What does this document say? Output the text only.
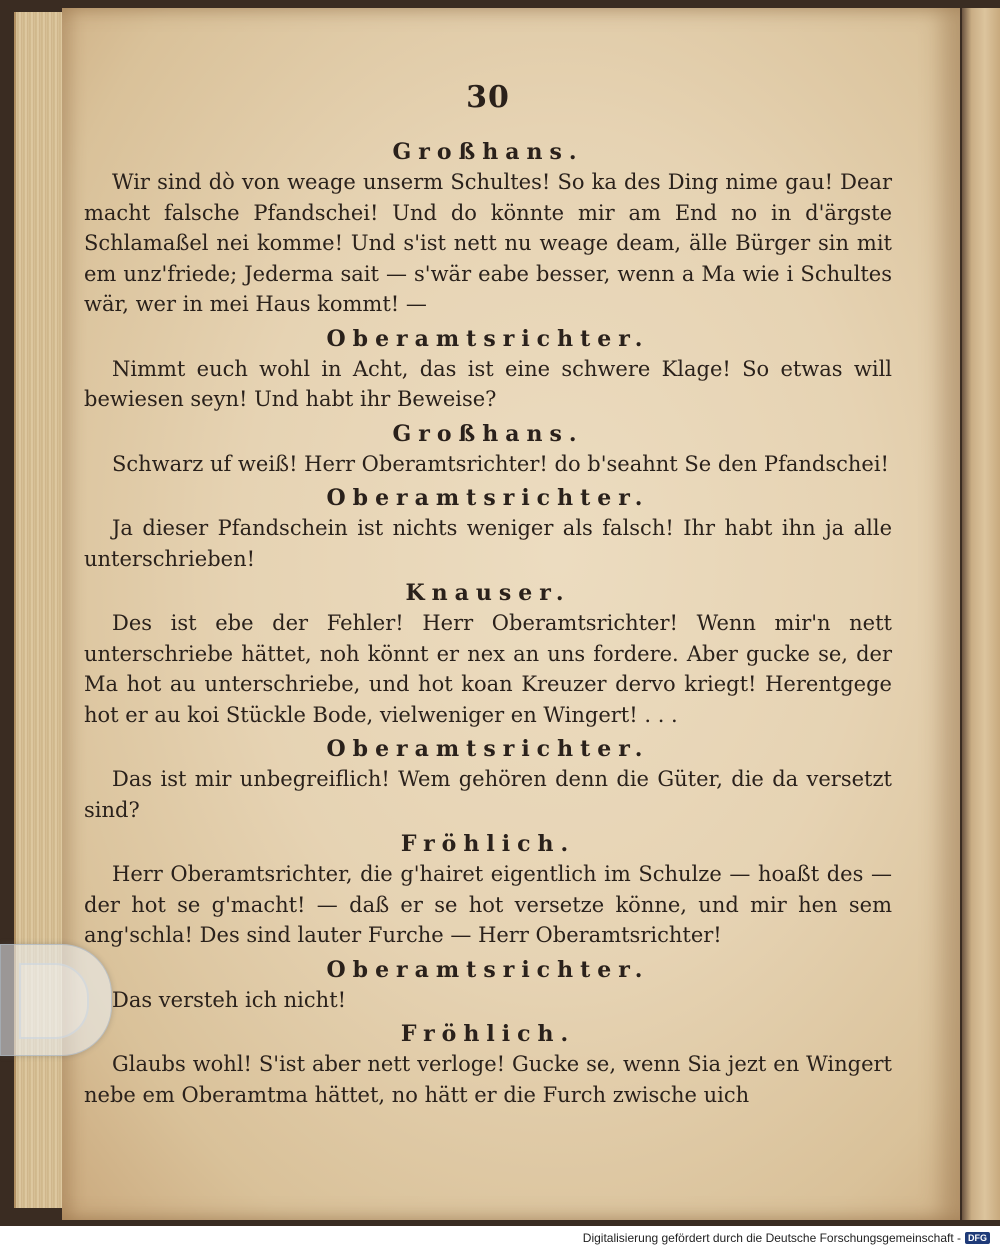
30
Großhans.

Wir sind dò von weage unserm Schultes! So ka des Ding nime gau! Dear macht falsche Pfandschei! Und do könnte mir am End no in d'ärgste Schlamaßel nei komme! Und s'ist nett nu weage deam, älle Bürger sin mit em unz'friede; Jederma sait — s'wär eabe besser, wenn a Ma wie i Schultes wär, wer in mei Haus kommt! —

Oberamtsrichter.

Nimmt euch wohl in Acht, das ist eine schwere Klage! So etwas will bewiesen seyn! Und habt ihr Beweise?

Großhans.

Schwarz uf weiß! Herr Oberamtsrichter! do b'seahnt Se den Pfandschei!

Oberamtsrichter.

Ja dieser Pfandschein ist nichts weniger als falsch! Ihr habt ihn ja alle unterschrieben!

Knauser.

Des ist ebe der Fehler! Herr Oberamtsrichter! Wenn mir'n nett unterschriebe hättet, noh könnt er nex an uns fordere. Aber gucke se, der Ma hot au unterschriebe, und hot koan Kreuzer dervo kriegt! Herentgege hot er au koi Stückle Bode, vielweniger en Wingert! . . .

Oberamtsrichter.

Das ist mir unbegreiflich! Wem gehören denn die Güter, die da versetzt sind?

Fröhlich.

Herr Oberamtsrichter, die g'hairet eigentlich im Schulze — hoaßt des — der hot se g'macht! — daß er se hot versetze könne, und mir hen sem ang'schla! Des sind lauter Furche — Herr Oberamtsrichter!

Oberamtsrichter.

Das versteh ich nicht!

Fröhlich.

Glaubs wohl! S'ist aber nett verloge! Gucke se, wenn Sia jezt en Wingert nebe em Oberamtma hättet, no hätt er die Furch zwische uich

Digitalisierung gefördert durch die Deutsche Forschungsgemeinschaft - DFG
